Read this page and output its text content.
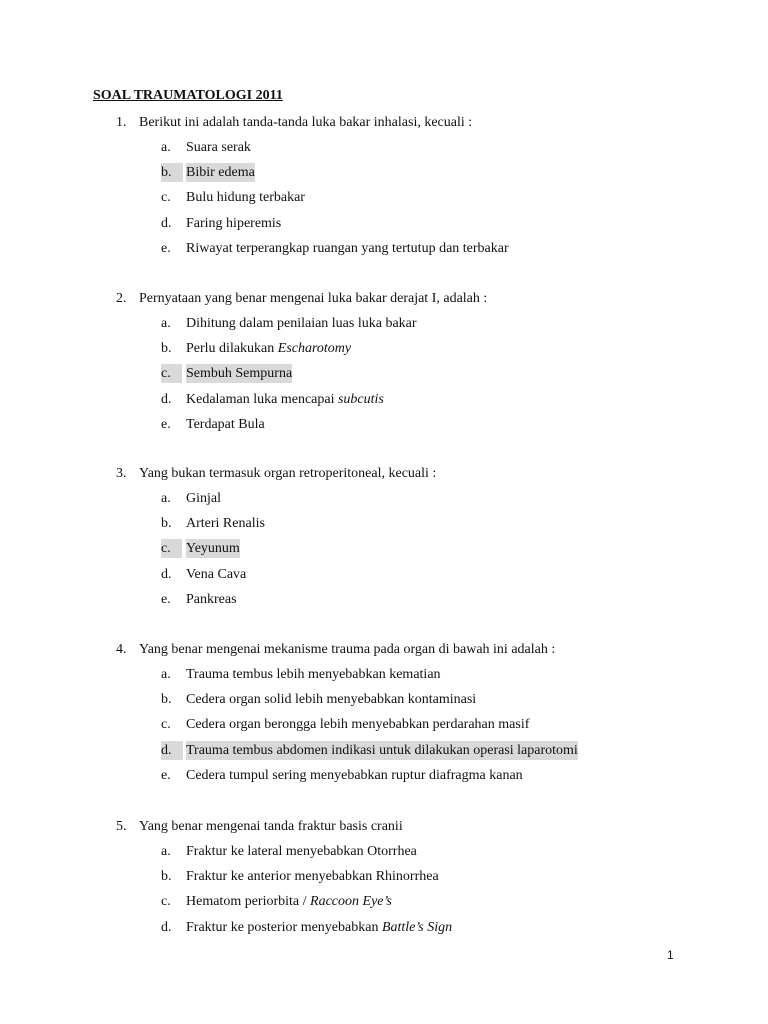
SOAL TRAUMATOLOGI 2011
1. Berikut ini adalah tanda-tanda luka bakar inhalasi, kecuali :
a. Suara serak
b.	Bibir edema
c. Bulu hidung terbakar
d. Faring hiperemis
e. Riwayat terperangkap ruangan yang tertutup dan terbakar
2. Pernyataan yang benar mengenai luka bakar derajat I, adalah :
a. Dihitung dalam penilaian luas luka bakar
b. Perlu dilakukan Escharotomy
c.	Sembuh Sempurna
d. Kedalaman luka mencapai subcutis
e. Terdapat Bula
3. Yang bukan termasuk organ retroperitoneal, kecuali :
a. Ginjal
b. Arteri Renalis
c.	Yeyunum
d. Vena Cava
e. Pankreas
4. Yang benar mengenai mekanisme trauma pada organ di bawah ini adalah :
a. Trauma tembus lebih menyebabkan kematian
b. Cedera organ solid lebih menyebabkan kontaminasi
c. Cedera organ berongga lebih menyebabkan perdarahan masif
d.	Trauma tembus abdomen indikasi untuk dilakukan operasi laparotomi
e. Cedera tumpul sering menyebabkan ruptur diafragma kanan
5. Yang benar mengenai tanda fraktur basis cranii
a. Fraktur ke lateral menyebabkan Otorrhea
b. Fraktur ke anterior menyebabkan Rhinorrhea
c. Hematom periorbita / Raccoon Eye’s
d. Fraktur ke posterior menyebabkan Battle’s Sign
1
